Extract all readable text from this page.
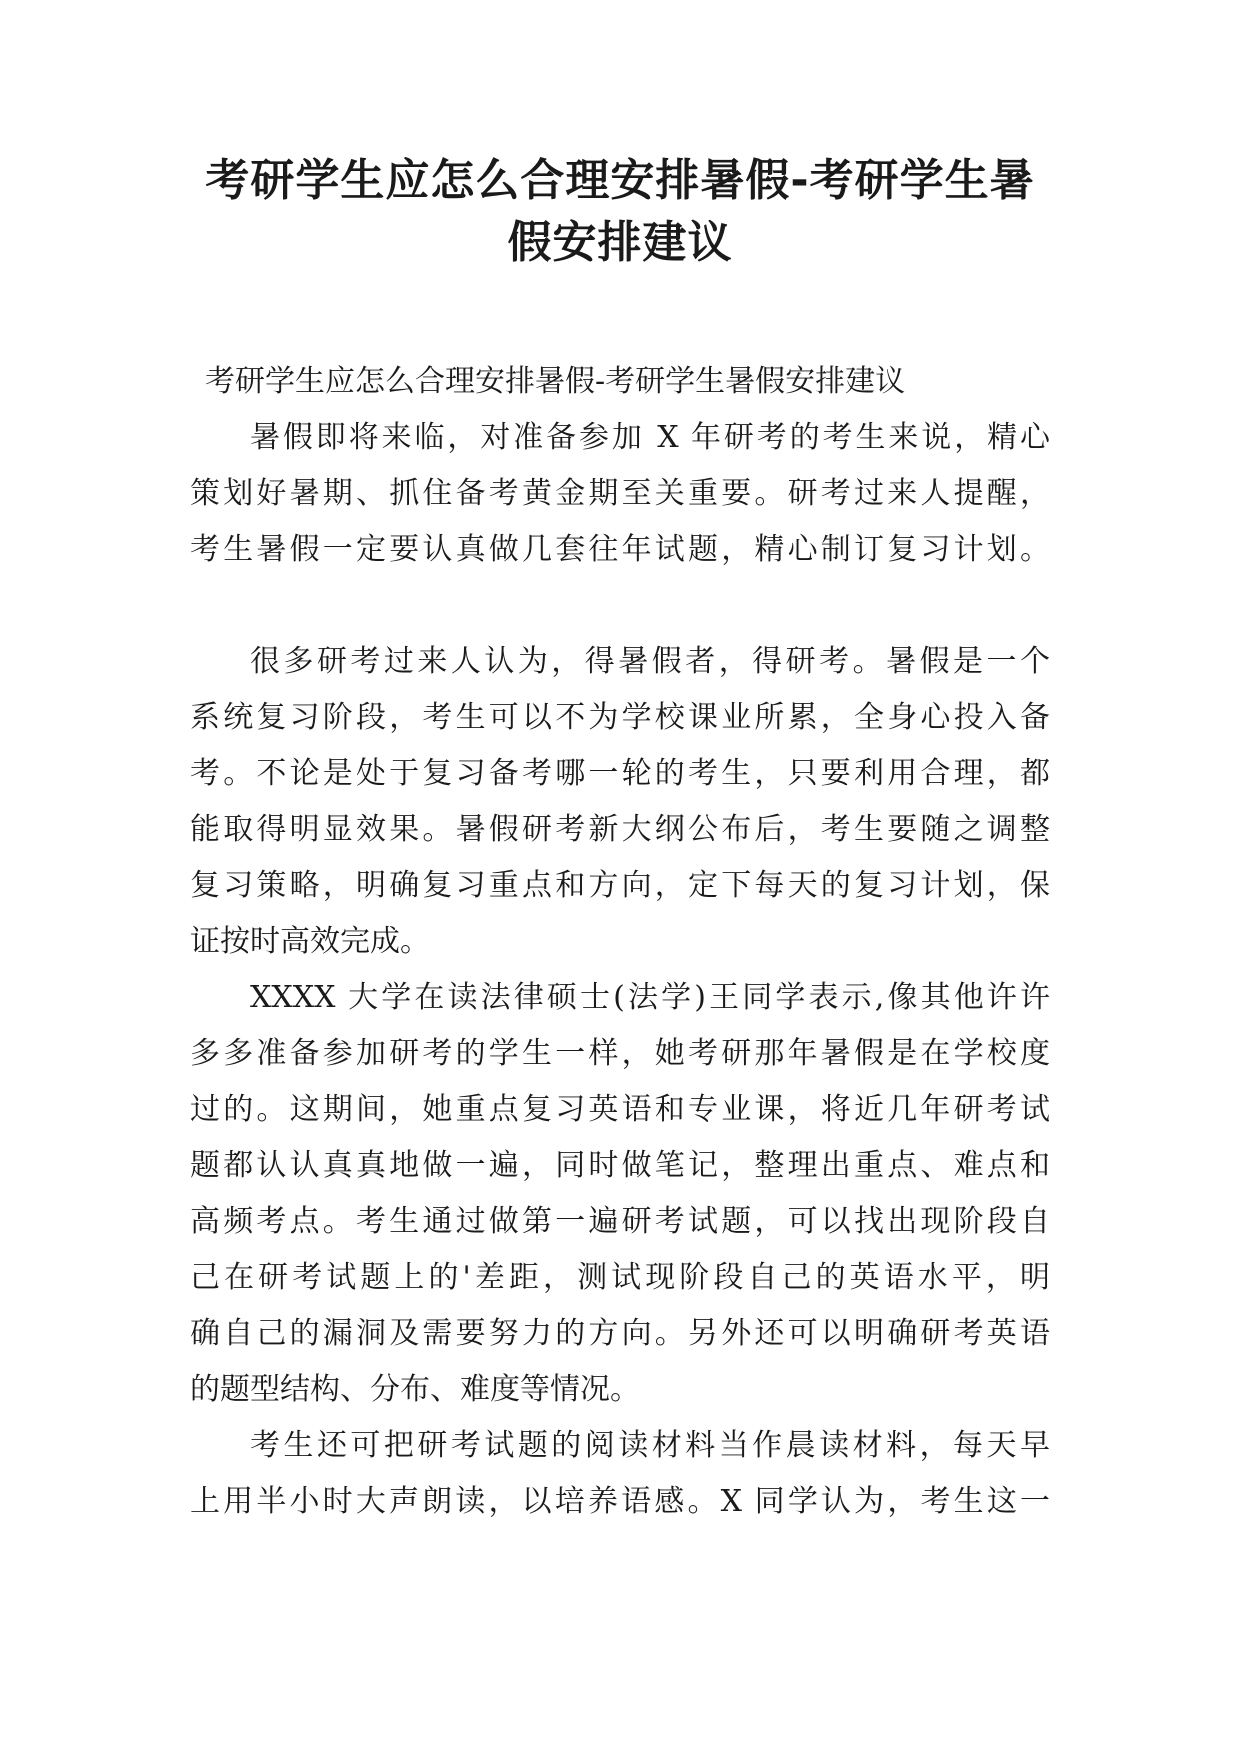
考研学生应怎么合理安排暑假-考研学生暑
假安排建议
考研学生应怎么合理安排暑假-考研学生暑假安排建议

暑假即将来临，对准备参加 X 年研考的考生来说，精心
策划好暑期、抓住备考黄金期至关重要。研考过来人提醒，
考生暑假一定要认真做几套往年试题，精心制订复习计划。

很多研考过来人认为，得暑假者，得研考。暑假是一个
系统复习阶段，考生可以不为学校课业所累，全身心投入备
考。不论是处于复习备考哪一轮的考生，只要利用合理，都
能取得明显效果。暑假研考新大纲公布后，考生要随之调整
复习策略，明确复习重点和方向，定下每天的复习计划，保
证按时高效完成。

XXXX 大学在读法律硕士(法学)王同学表示,像其他许许
多多准备参加研考的学生一样，她考研那年暑假是在学校度
过的。这期间，她重点复习英语和专业课，将近几年研考试
题都认认真真地做一遍，同时做笔记，整理出重点、难点和
高频考点。考生通过做第一遍研考试题，可以找出现阶段自
己在研考试题上的'差距，测试现阶段自己的英语水平，明
确自己的漏洞及需要努力的方向。另外还可以明确研考英语
的题型结构、分布、难度等情况。

考生还可把研考试题的阅读材料当作晨读材料，每天早
上用半小时大声朗读，以培养语感。X 同学认为，考生这一
